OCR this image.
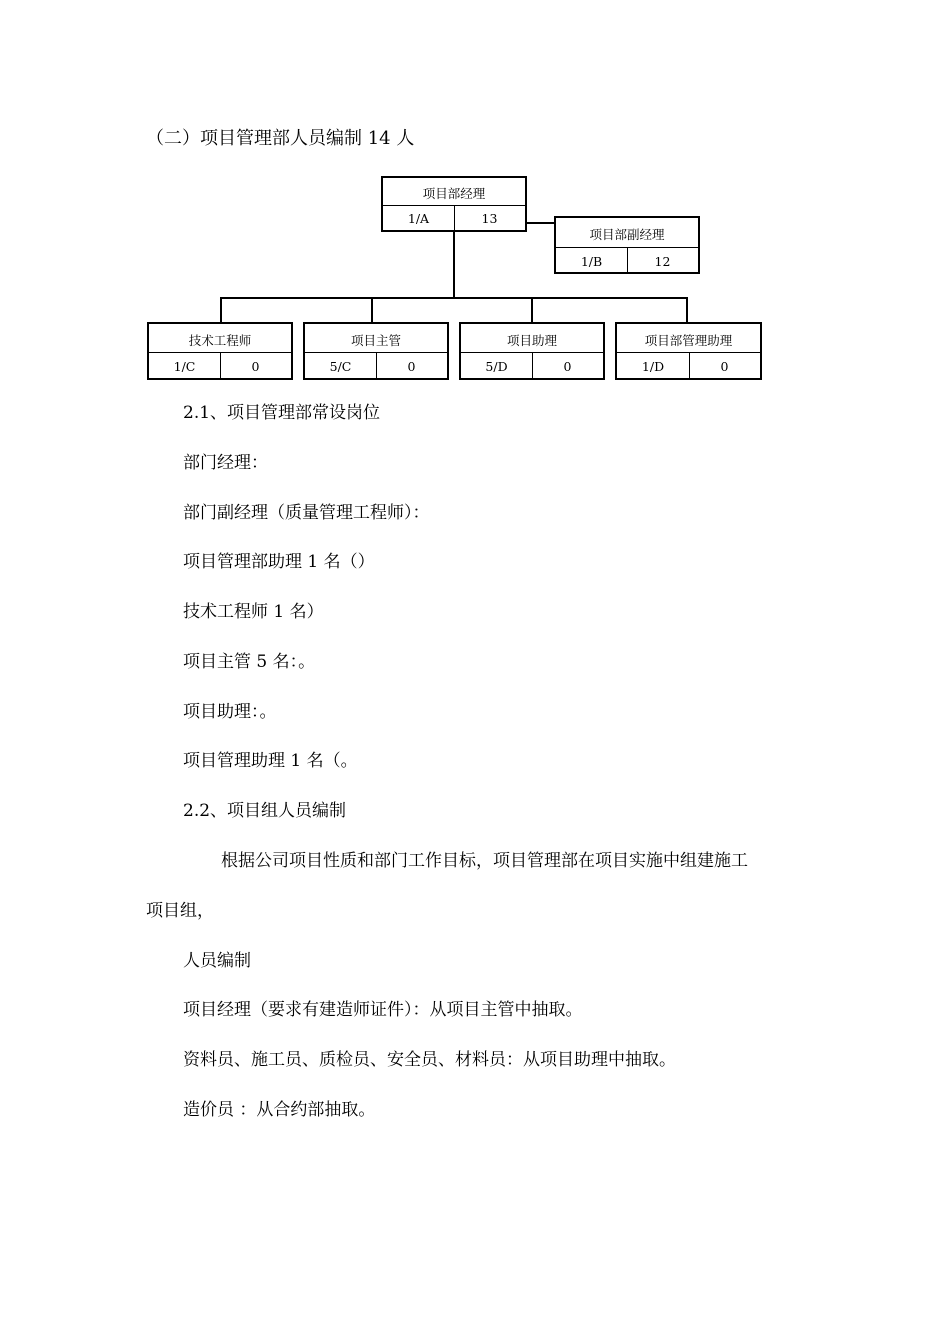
（二）项目管理部人员编制 14 人
项目部经理
1/A	13
项目部副经理
1/B	12
技术工程师
1/C	0
项目主管
5/C	0
项目助理
5/D	0
项目部管理助理
1/D	0
2.1、项目管理部常设岗位
部门经理：
部门副经理（质量管理工程师）：
项目管理部助理 1 名（）
技术工程师 1 名）
项目主管 5 名：。
项目助理：。
项目管理助理 1 名（。
2.2、项目组人员编制
根据公司项目性质和部门工作目标，项目管理部在项目实施中组建施工
项目组，
人员编制
项目经理（要求有建造师证件）：从项目主管中抽取。
资料员、施工员、质检员、安全员、材料员：从项目助理中抽取。
造价员 ：从合约部抽取。
